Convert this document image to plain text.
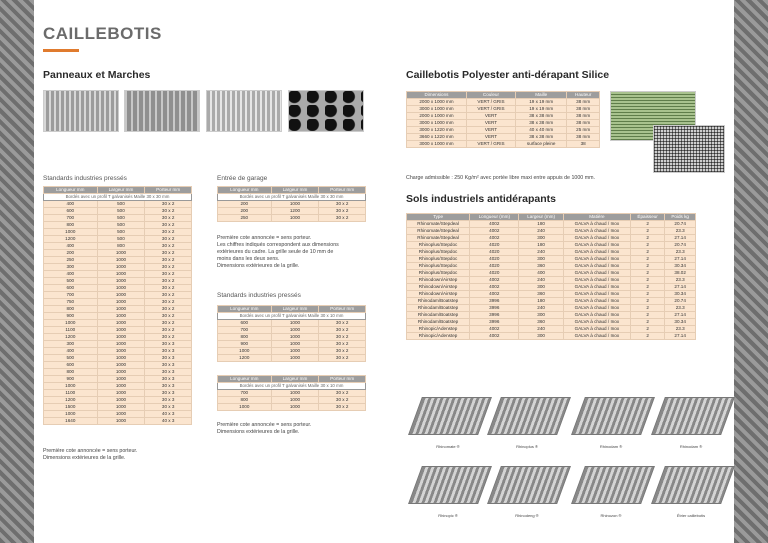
CAILLEBOTIS
Panneaux et Marches
Standards industries pressés
Bordés avec un profil T galvanisés Maille 30 x 30 mm		
400	500	30 x 2
600	500	30 x 2
700	500	30 x 2
800	500	30 x 2
1000	500	30 x 2
1200	500	30 x 2
400	800	30 x 2
200	1000	30 x 2
250	1000	30 x 2
300	1000	30 x 2
400	1000	30 x 2
500	1000	30 x 2
600	1000	30 x 2
700	1000	30 x 2
750	1000	30 x 2
800	1000	30 x 2
900	1000	30 x 2
1000	1000	30 x 2
1100	1000	30 x 2
1200	1000	30 x 2
300	1000	30 x 3
400	1000	30 x 3
500	1000	30 x 3
600	1000	30 x 3
800	1000	30 x 3
900	1000	30 x 3
1000	1000	30 x 3
1100	1000	30 x 3
1200	1000	30 x 3
1500	1000	30 x 3
1000	1000	40 x 3
1640	1000	40 x 3
Longueur mm	Largeur mm	Porteur mm
Première cote annoncée = sens porteur.
Dimensions extérieures de la grille.
Entrée de garage
Bordés avec un profil T galvanisés Maille 30 x 30 mm		
200	1000	30 x 2
200	1200	30 x 2
250	1000	30 x 2
Longueur mm	Largeur mm	Porteur mm
Première cote annoncée = sens porteur.
Les chiffres indiqués correspondent aux dimensions
extérieures du cadre. La grille seule de 10 mm de
moins dans les deux sens.
Dimensions extérieures de la grille.
Standards industries pressés
Bordés avec un profil T galvanisés Maille 30 x 10 mm		
600	1000	30 x 2
700	1000	30 x 2
800	1000	30 x 2
900	1000	30 x 2
1000	1000	30 x 2
1200	1000	30 x 2
Longueur mm	Largeur mm	Porteur mm
Bordés avec un profil T galvanisés Maille 30 x 10 mm		
700	1000	30 x 2
800	1000	30 x 2
1000	1000	30 x 2
Longueur mm	Largeur mm	Porteur mm
Première cote annoncée = sens porteur.
Dimensions extérieures de la grille.
Caillebotis Polyester anti-dérapant Silice
Dimensions	Couleur	Maille	Hauteur
2000 x 1000 mm	VERT / GRIS	19 x 19 mm	38 mm
3000 x 1000 mm	VERT / GRIS	19 x 19 mm	38 mm
2000 x 1000 mm	VERT	38 x 38 mm	38 mm
3000 x 1000 mm	VERT	38 x 38 mm	38 mm
3000 x 1220 mm	VERT	40 x 40 mm	25 mm
3660 x 1220 mm	VERT	38 x 38 mm	38 mm
3000 x 1000 mm	VERT / GRIS	surface pleine	38
Charge admissible : 250 Kg/m² avec portée libre maxi entre appuis de 1000 mm.
Sols industriels antidérapants
Type	Longueur (mm)	Largeur (mm)	Matière	Épaisseur	Poids kg
Rhinomate/Stepdeal	4002	180	GALVA à chaud / Inox	2	20.74
Rhinomate/Stepdeal	4002	240	GALVA à chaud / Inox	2	23.3
Rhinomate/Stepdeal	4002	300	GALVA à chaud / Inox	2	27.14
Rhinoplus/Stepdoc	4020	180	GALVA à chaud / Inox	2	20.74
Rhinoplus/Stepdoc	4020	240	GALVA à chaud / Inox	2	23.3
Rhinoplus/Stepdoc	4020	300	GALVA à chaud / Inox	2	27.14
Rhinoplus/Stepdoc	4020	360	GALVA à chaud / Inox	2	30.34
Rhinoplus/Stepdoc	4020	400	GALVA à chaud / Inox	2	38.02
Rhinodown/Airstep	4002	240	GALVA à chaud / Inox	2	23.3
Rhinodown/Airstep	4002	300	GALVA à chaud / Inox	2	27.14
Rhinodown/Airstep	4002	360	GALVA à chaud / Inox	2	30.34
Rhinodam/Boatstep	3996	180	GALVA à chaud / Inox	2	20.74
Rhinodam/Boatstep	3996	240	GALVA à chaud / Inox	2	23.3
Rhinodam/Boatstep	3996	300	GALVA à chaud / Inox	2	27.14
Rhinodam/Boatstep	3996	360	GALVA à chaud / Inox	2	30.34
Rhinopic/Adenstep	4002	240	GALVA à chaud / Inox	2	23.3
Rhinopic/Adenstep	4002	300	GALVA à chaud / Inox	2	27.14
Rhinomate ®	Rhinoplus ®	Rhinodam ®	Rhinodam ®
Rhinopic ®	Rhinodeng ®	Rhinozon ®	Étrier caillebotis
